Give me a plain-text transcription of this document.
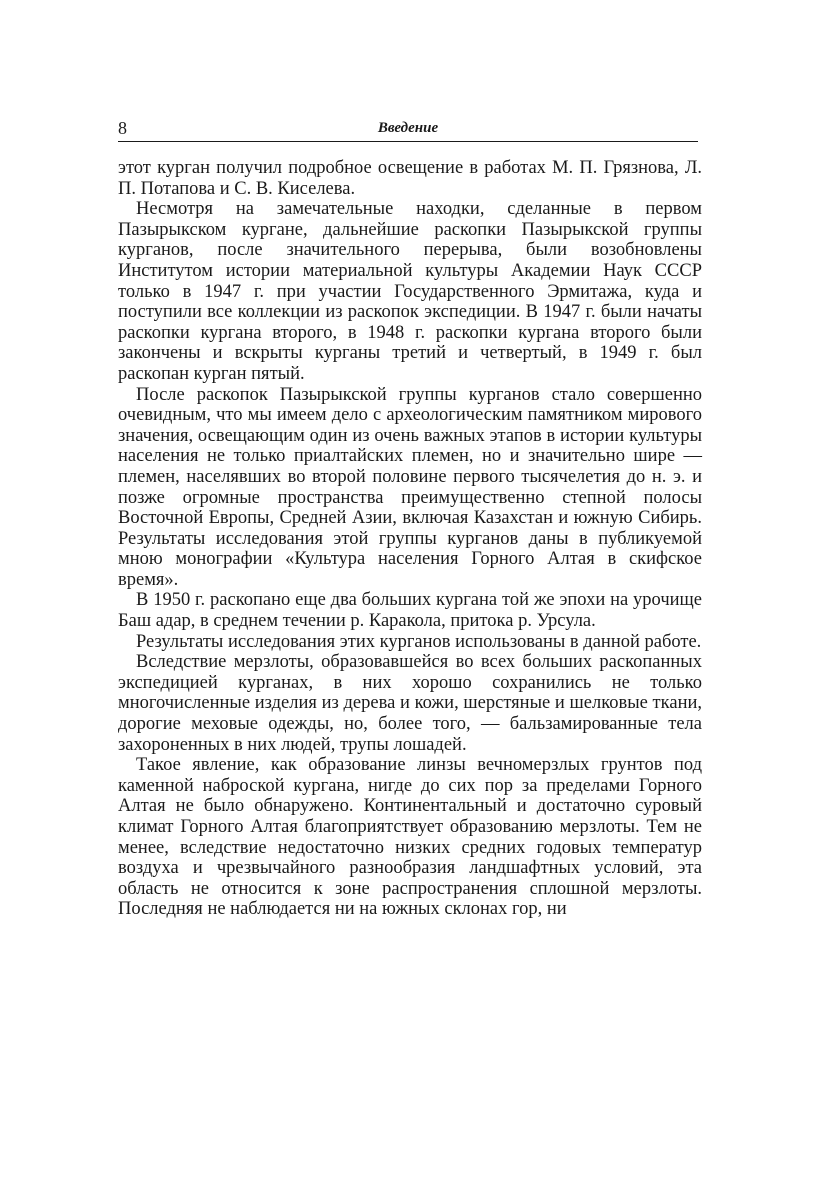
8	Введение

этот курган получил подробное освещение в работах М. П. Грязнова, Л. П. Потапова и С. В. Киселева.

Несмотря на замечательные находки, сделанные в первом Пазырыкском кургане, дальнейшие раскопки Пазырыкской группы курганов, после значительного перерыва, были возобновлены Институтом истории материальной культуры Академии Наук СССР только в 1947 г. при участии Государственного Эрмитажа, куда и поступили все коллекции из раскопок экспедиции. В 1947 г. были начаты раскопки кургана второго, в 1948 г. раскопки кургана второго были закончены и вскрыты курганы третий и четвертый, в 1949 г. был раскопан курган пятый.

После раскопок Пазырыкской группы курганов стало совершенно очевидным, что мы имеем дело с археологическим памятником мирового значения, освещающим один из очень важных этапов в истории культуры населения не только приалтайских племен, но и значительно шире — племен, населявших во второй половине первого тысячелетия до н. э. и позже огромные пространства преимущественно степной полосы Восточной Европы, Средней Азии, включая Казахстан и южную Сибирь. Результаты исследования этой группы курганов даны в публикуемой мною монографии «Культура населения Горного Алтая в скифское время».

В 1950 г. раскопано еще два больших кургана той же эпохи на урочище Баш адар, в среднем течении р. Каракола, притока р. Урсула.

Результаты исследования этих курганов использованы в данной работе.

Вследствие мерзлоты, образовавшейся во всех больших раскопанных экспедицией курганах, в них хорошо сохранились не только многочисленные изделия из дерева и кожи, шерстяные и шелковые ткани, дорогие меховые одежды, но, более того, — бальзамированные тела захороненных в них людей, трупы лошадей.

Такое явление, как образование линзы вечномерзлых грунтов под каменной наброской кургана, нигде до сих пор за пределами Горного Алтая не было обнаружено. Континентальный и достаточно суровый климат Горного Алтая благоприятствует образованию мерзлоты. Тем не менее, вследствие недостаточно низких средних годовых температур воздуха и чрезвычайного разнообразия ландшафтных условий, эта область не относится к зоне распространения сплошной мерзлоты. Последняя не наблюдается ни на южных склонах гор, ни
